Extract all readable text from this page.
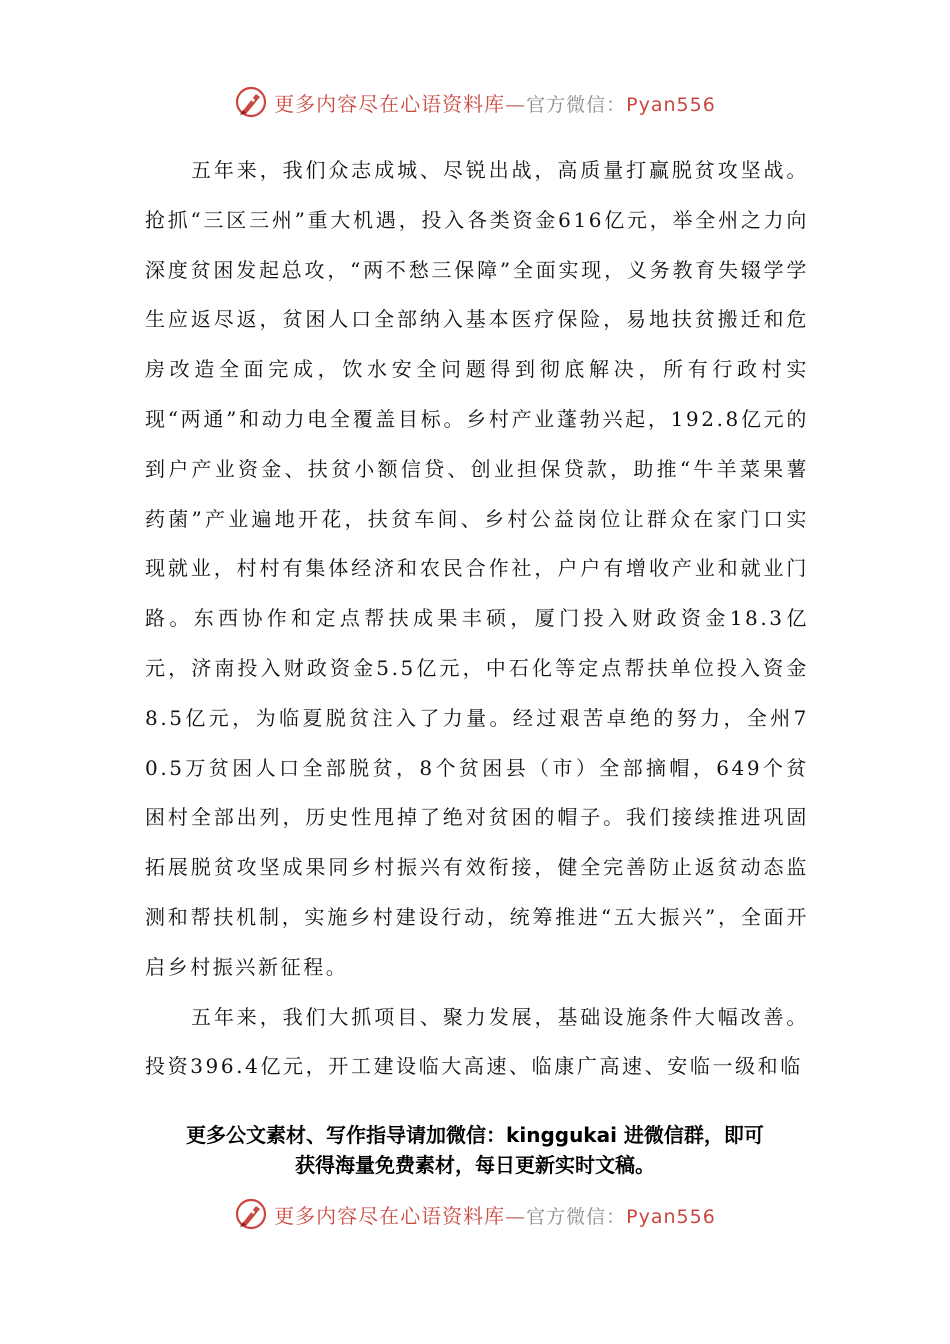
更多内容尽在心语资料库—官方微信：Pyan556

五年来，我们众志成城、尽锐出战，高质量打赢脱贫攻坚战。抢抓“三区三州”重大机遇，投入各类资金616亿元，举全州之力向深度贫困发起总攻，“两不愁三保障”全面实现，义务教育失辍学学生应返尽返，贫困人口全部纳入基本医疗保险，易地扶贫搬迁和危房改造全面完成，饮水安全问题得到彻底解决，所有行政村实现“两通”和动力电全覆盖目标。乡村产业蓬勃兴起，192.8亿元的到户产业资金、扶贫小额信贷、创业担保贷款，助推“牛羊菜果薯药菌”产业遍地开花，扶贫车间、乡村公益岗位让群众在家门口实现就业，村村有集体经济和农民合作社，户户有增收产业和就业门路。东西协作和定点帮扶成果丰硕，厦门投入财政资金18.3亿元，济南投入财政资金5.5亿元，中石化等定点帮扶单位投入资金8.5亿元，为临夏脱贫注入了力量。经过艰苦卓绝的努力，全州70.5万贫困人口全部脱贫，8个贫困县（市）全部摘帽，649个贫困村全部出列，历史性甩掉了绝对贫困的帽子。我们接续推进巩固拓展脱贫攻坚成果同乡村振兴有效衔接，健全完善防止返贫动态监测和帮扶机制，实施乡村建设行动，统筹推进“五大振兴”，全面开启乡村振兴新征程。

五年来，我们大抓项目、聚力发展，基础设施条件大幅改善。投资396.4亿元，开工建设临大高速、临康广高速、安临一级和临

更多公文素材、写作指导请加微信：kinggukai 进微信群，即可
获得海量免费素材，每日更新实时文稿。
更多内容尽在心语资料库—官方微信：Pyan556
